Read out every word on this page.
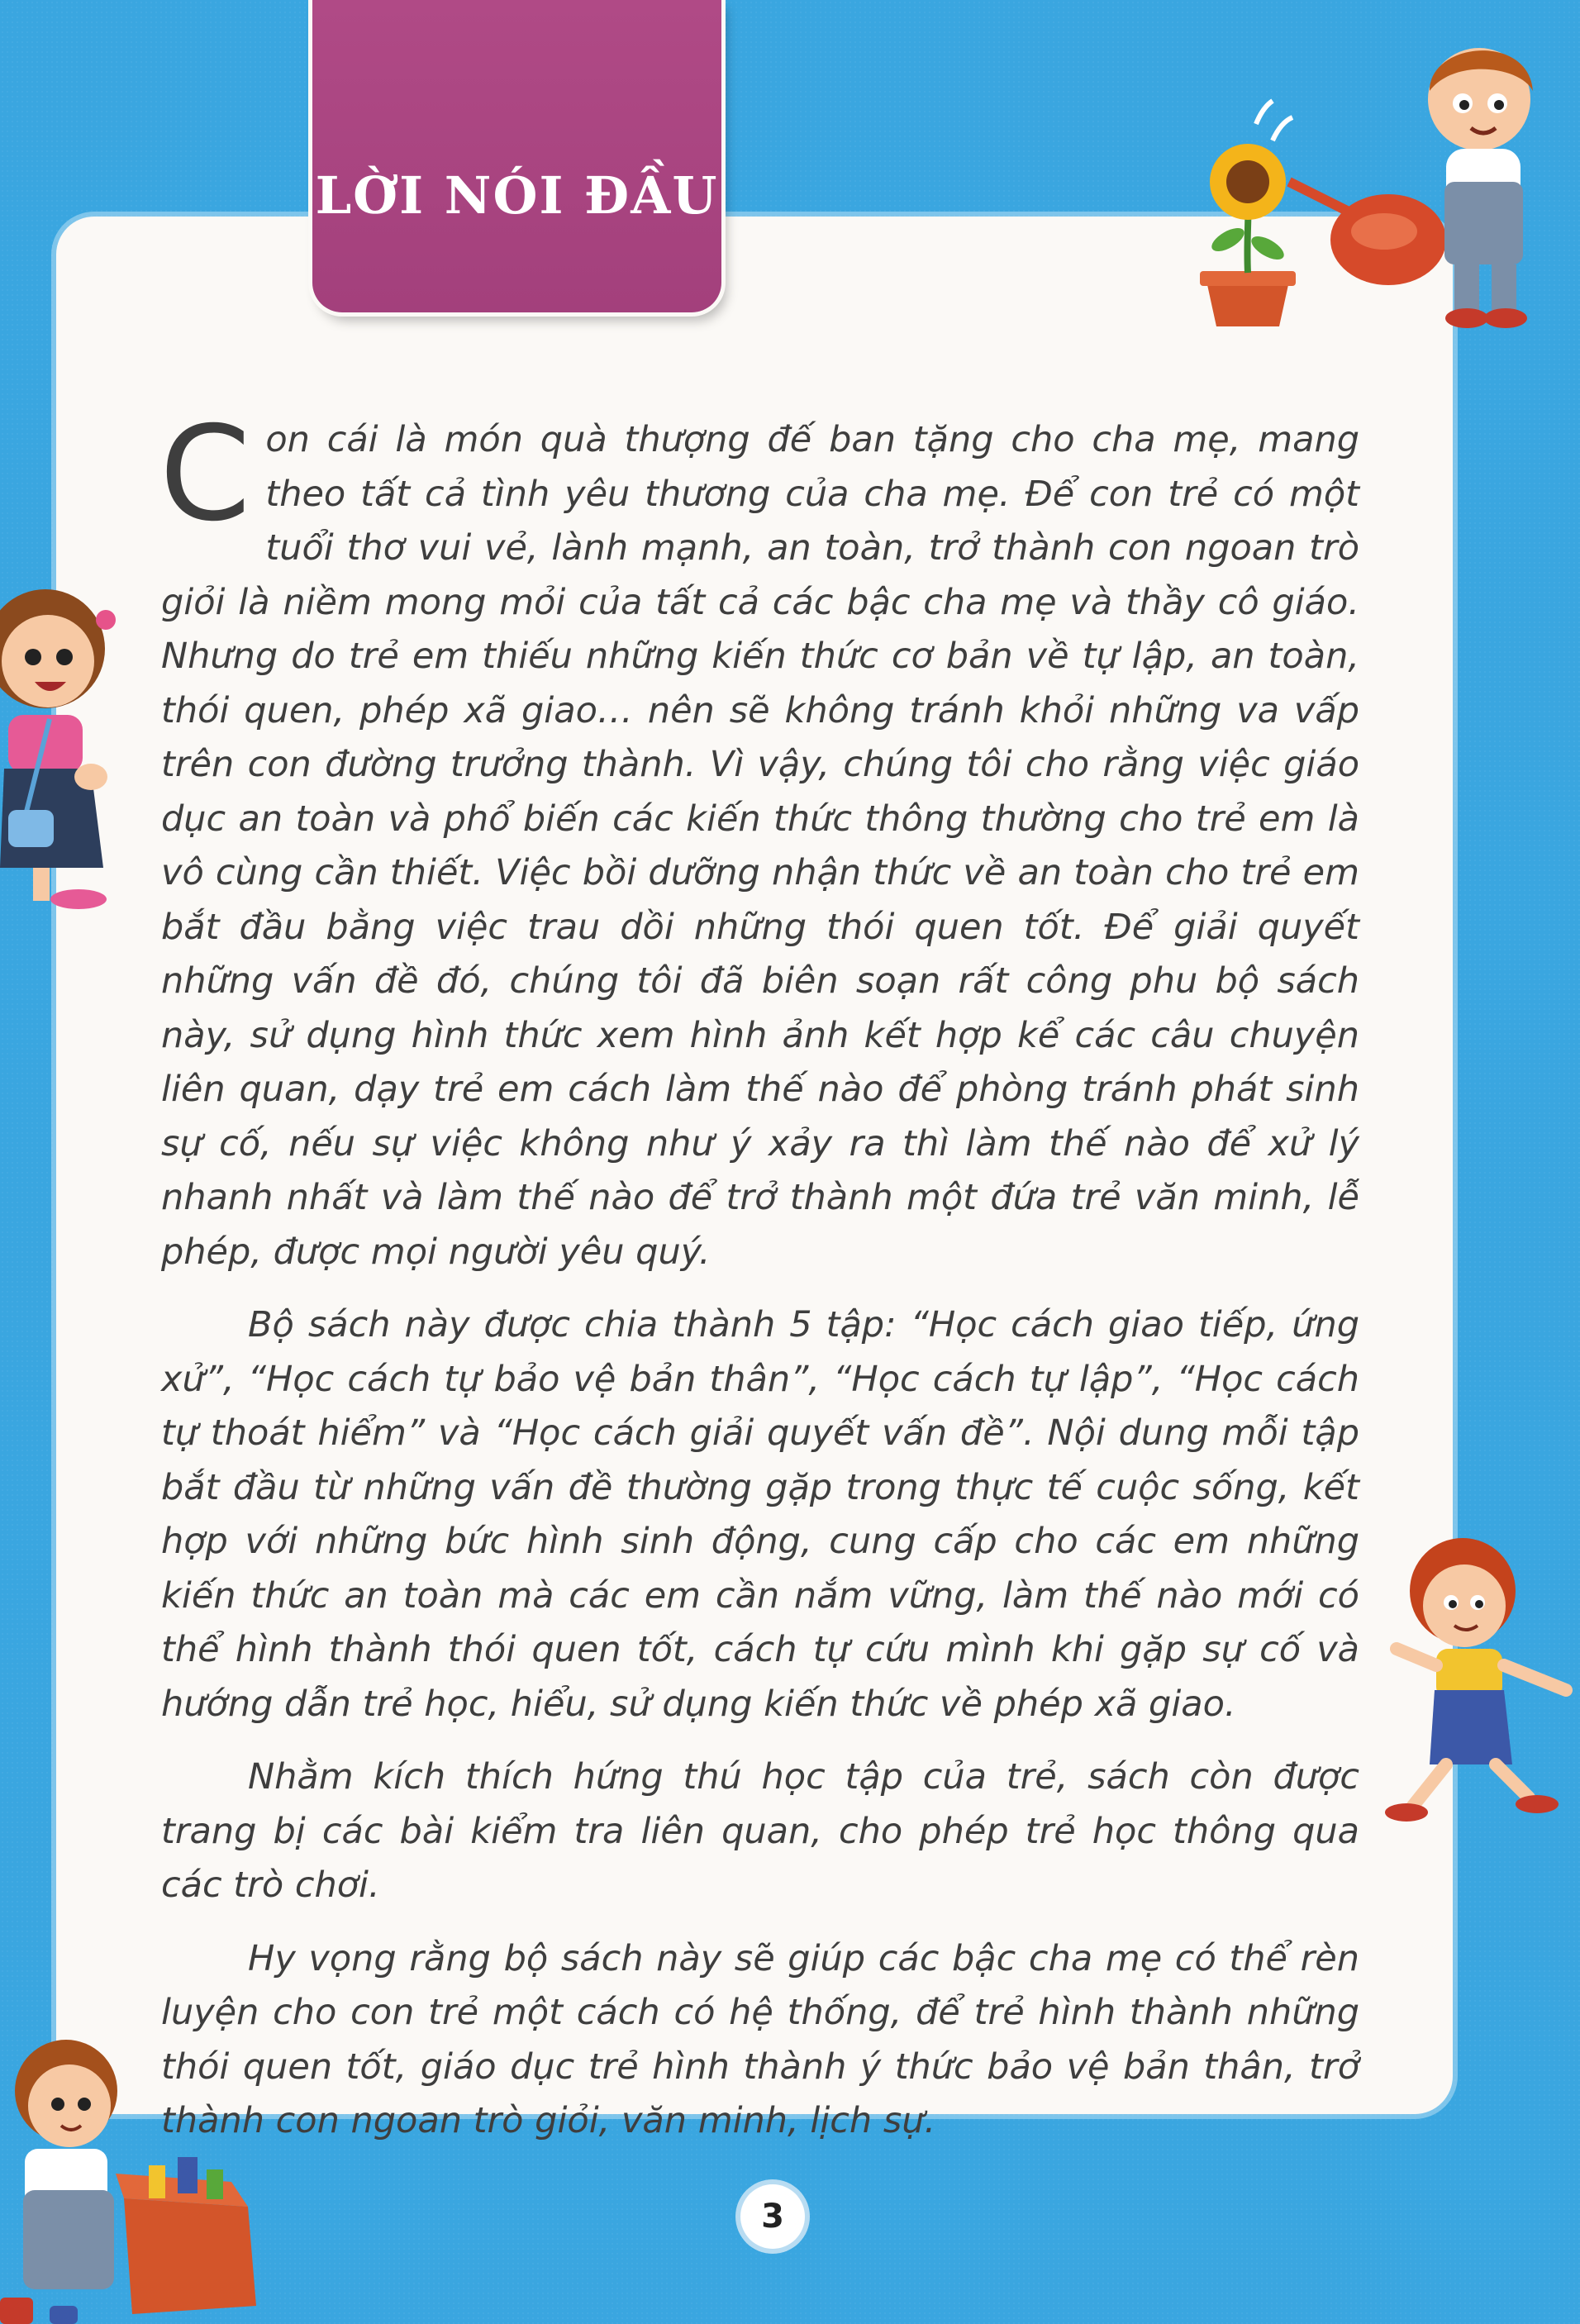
LỜI NÓI ĐẦU

Con cái là món quà thượng đế ban tặng cho cha mẹ, mang theo tất cả tình yêu thương của cha mẹ. Để con trẻ có một tuổi thơ vui vẻ, lành mạnh, an toàn, trở thành con ngoan trò giỏi là niềm mong mỏi của tất cả các bậc cha mẹ và thầy cô giáo. Nhưng do trẻ em thiếu những kiến thức cơ bản về tự lập, an toàn, thói quen, phép xã giao… nên sẽ không tránh khỏi những va vấp trên con đường trưởng thành. Vì vậy, chúng tôi cho rằng việc giáo dục an toàn và phổ biến các kiến thức thông thường cho trẻ em là vô cùng cần thiết. Việc bồi dưỡng nhận thức về an toàn cho trẻ em bắt đầu bằng việc trau dồi những thói quen tốt. Để giải quyết những vấn đề đó, chúng tôi đã biên soạn rất công phu bộ sách này, sử dụng hình thức xem hình ảnh kết hợp kể các câu chuyện liên quan, dạy trẻ em cách làm thế nào để phòng tránh phát sinh sự cố, nếu sự việc không như ý xảy ra thì làm thế nào để xử lý nhanh nhất và làm thế nào để trở thành một đứa trẻ văn minh, lễ phép, được mọi người yêu quý.

Bộ sách này được chia thành 5 tập: “Học cách giao tiếp, ứng xử”, “Học cách tự bảo vệ bản thân”, “Học cách tự lập”, “Học cách tự thoát hiểm” và “Học cách giải quyết vấn đề”. Nội dung mỗi tập bắt đầu từ những vấn đề thường gặp trong thực tế cuộc sống, kết hợp với những bức hình sinh động, cung cấp cho các em những kiến thức an toàn mà các em cần nắm vững, làm thế nào mới có thể hình thành thói quen tốt, cách tự cứu mình khi gặp sự cố và hướng dẫn trẻ học, hiểu, sử dụng kiến thức về phép xã giao.

Nhằm kích thích hứng thú học tập của trẻ, sách còn được trang bị các bài kiểm tra liên quan, cho phép trẻ học thông qua các trò chơi.

Hy vọng rằng bộ sách này sẽ giúp các bậc cha mẹ có thể rèn luyện cho con trẻ một cách có hệ thống, để trẻ hình thành những thói quen tốt, giáo dục trẻ hình thành ý thức bảo vệ bản thân, trở thành con ngoan trò giỏi, văn minh, lịch sự.

3
